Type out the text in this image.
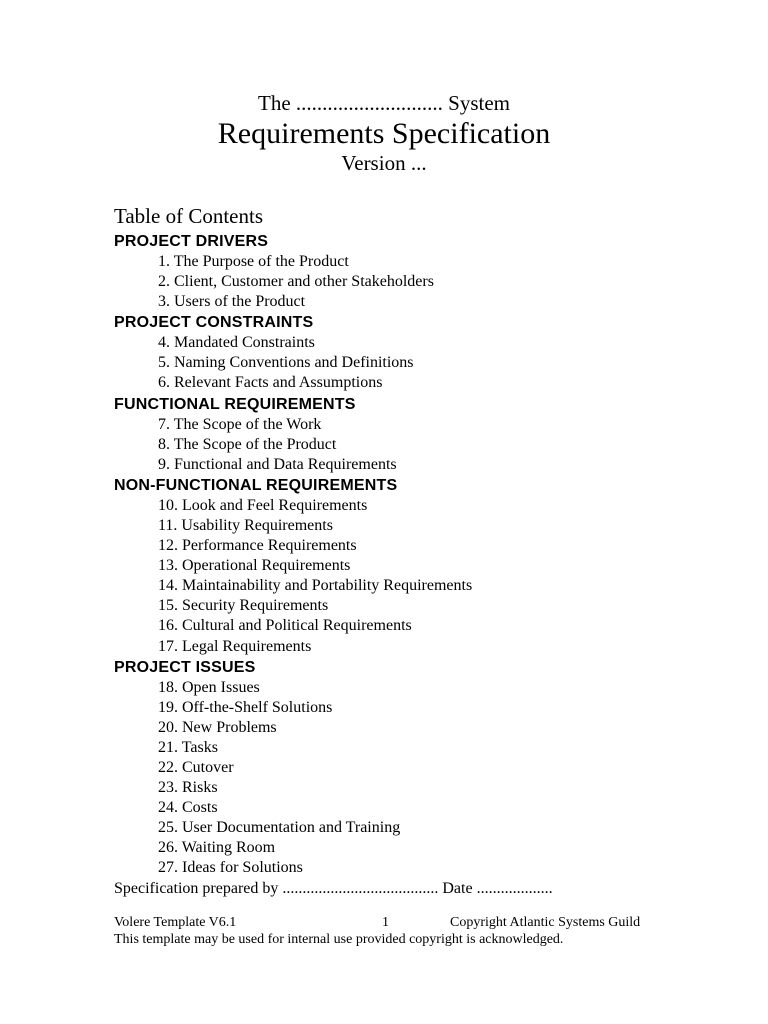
The ............................ System
Requirements Specification
Version ...
Table of Contents
PROJECT DRIVERS
1. The Purpose of the Product
2. Client, Customer and other Stakeholders
3. Users of the Product
PROJECT CONSTRAINTS
4. Mandated Constraints
5. Naming Conventions and Definitions
6. Relevant Facts and Assumptions
FUNCTIONAL REQUIREMENTS
7. The Scope of the Work
8. The Scope of the Product
9. Functional and Data Requirements
NON-FUNCTIONAL REQUIREMENTS
10. Look and Feel Requirements
11. Usability Requirements
12. Performance Requirements
13. Operational Requirements
14. Maintainability and Portability Requirements
15. Security Requirements
16. Cultural and Political Requirements
17. Legal Requirements
PROJECT ISSUES
18. Open Issues
19. Off-the-Shelf Solutions
20. New Problems
21. Tasks
22. Cutover
23. Risks
24. Costs
25. User Documentation and Training
26. Waiting Room
27. Ideas for Solutions
Specification prepared by ....................................... Date ...................
Volere Template V6.1	1	Copyright Atlantic Systems Guild
This template may be used for internal use provided copyright is acknowledged.
